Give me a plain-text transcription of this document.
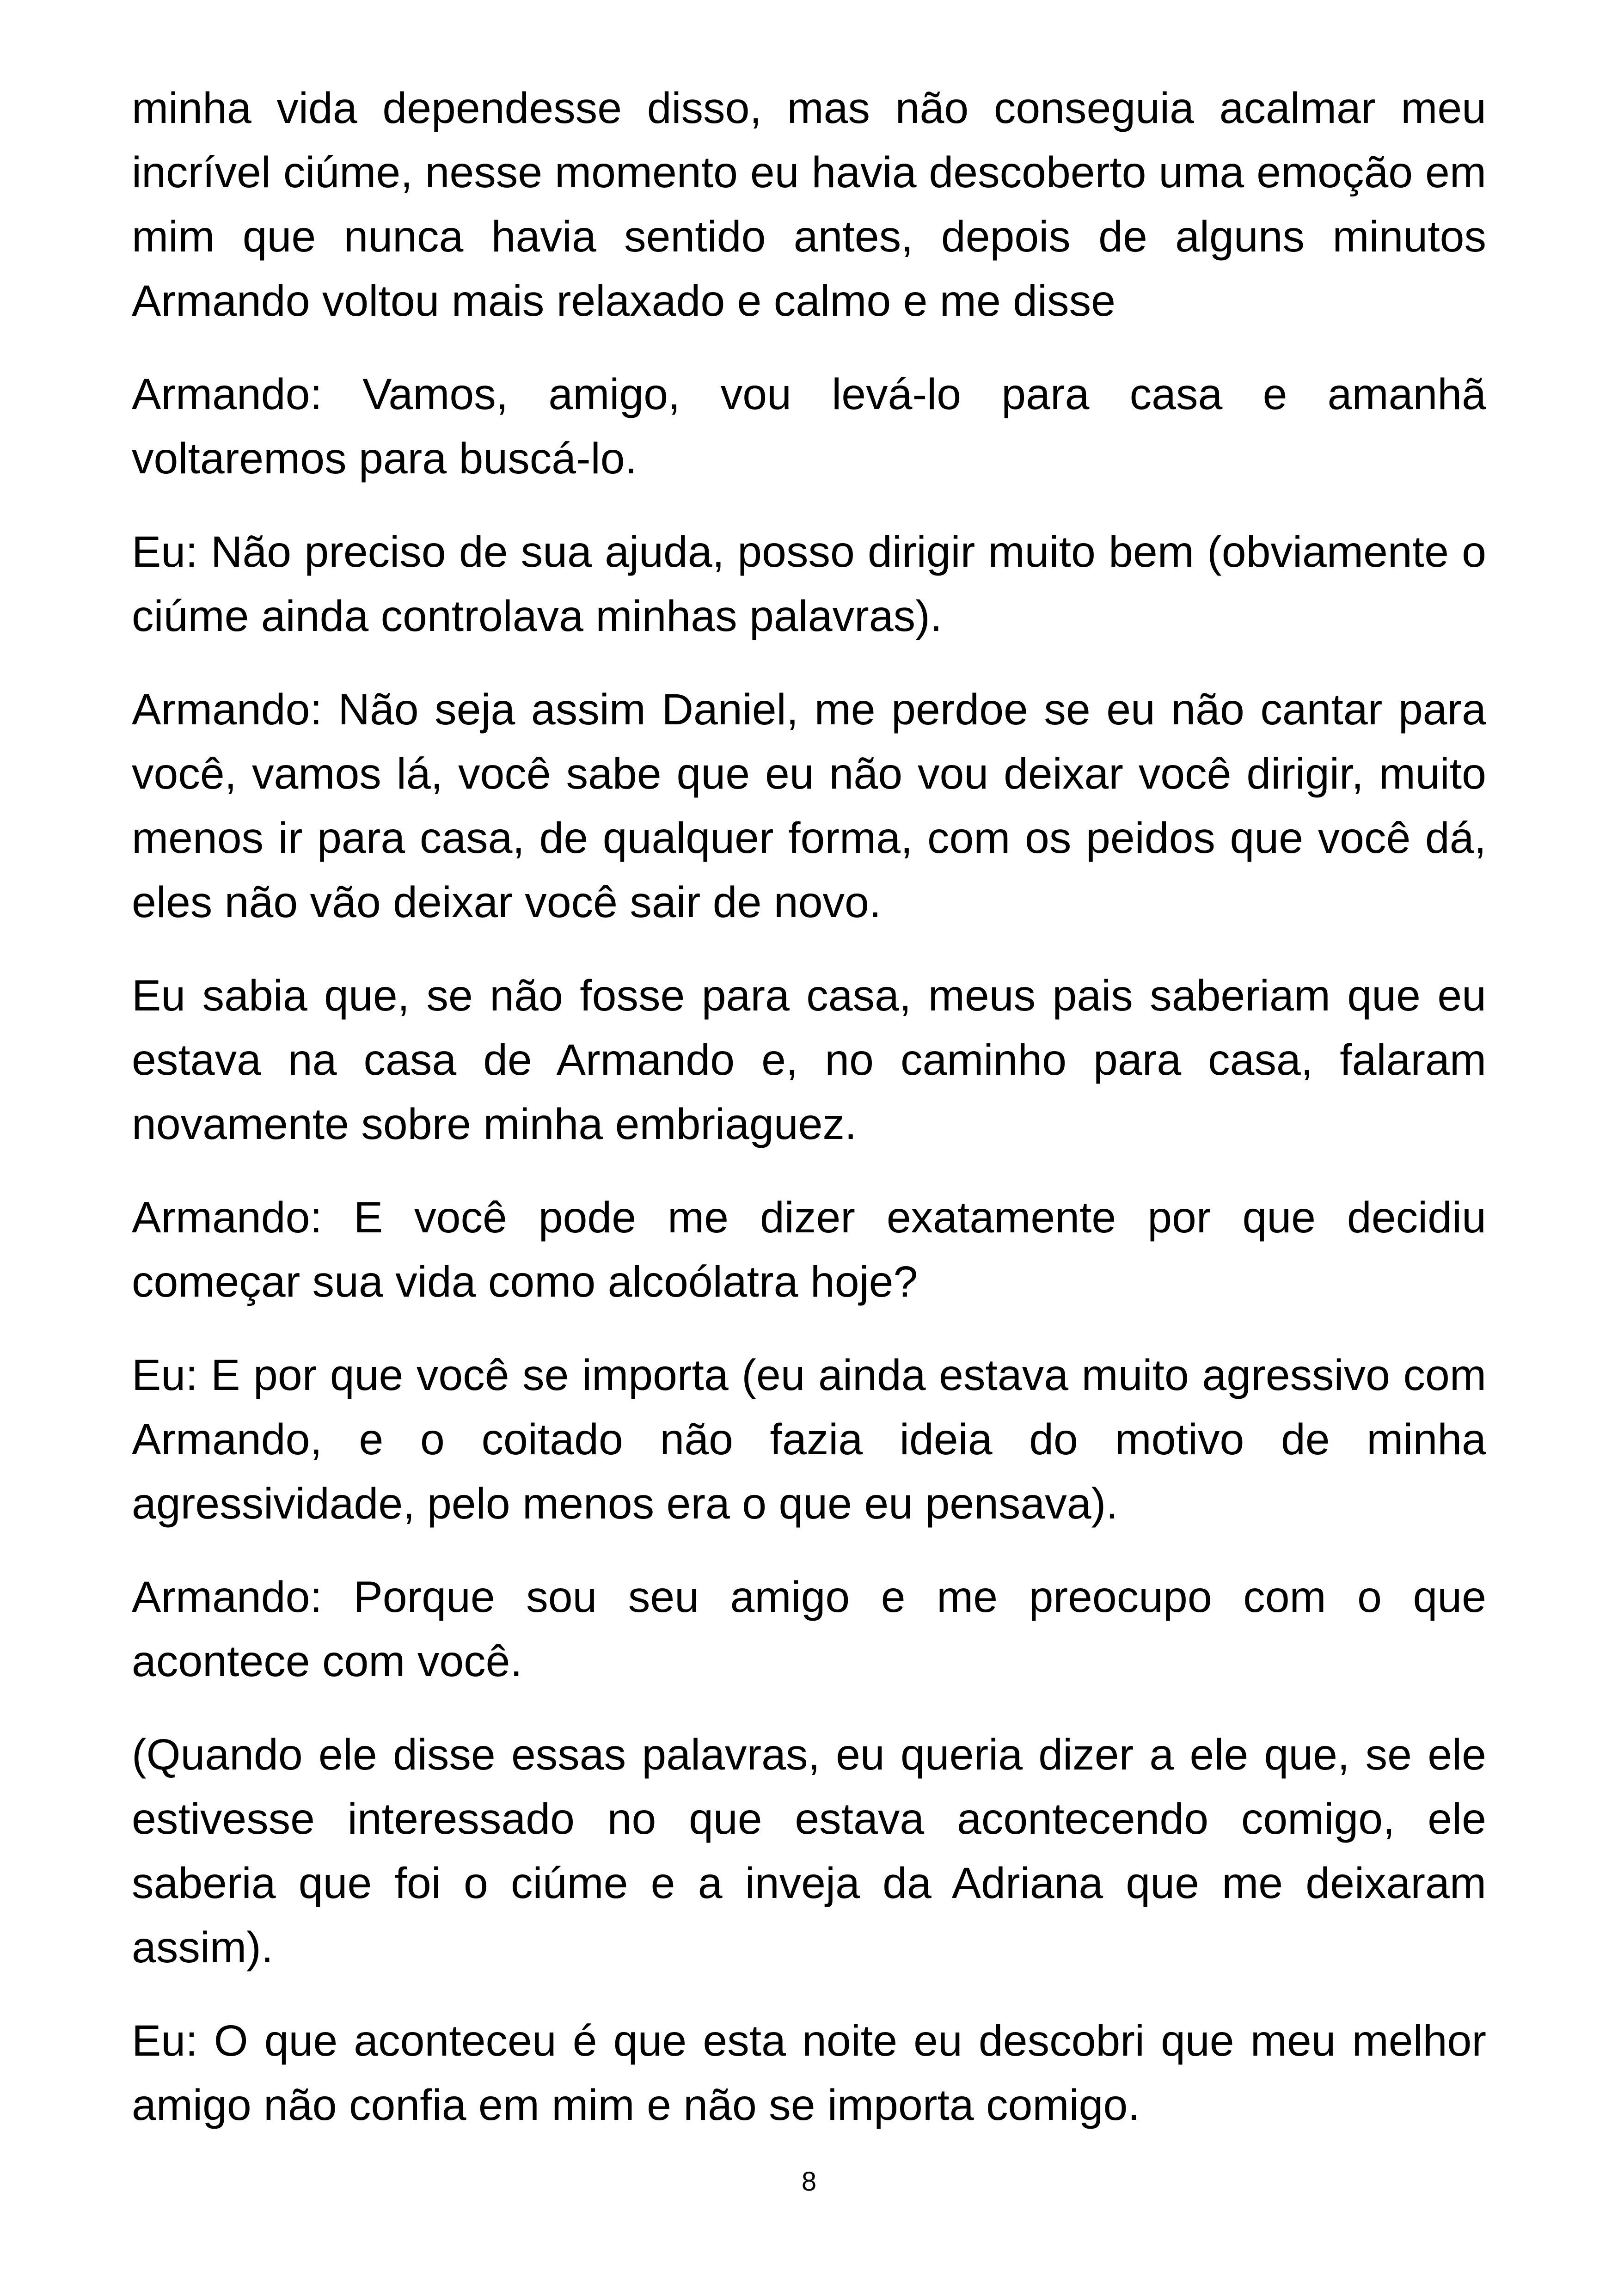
minha vida dependesse disso, mas não conseguia acalmar meu incrível ciúme, nesse momento eu havia descoberto uma emoção em mim que nunca havia sentido antes, depois de alguns minutos Armando voltou mais relaxado e calmo e me disse

Armando: Vamos, amigo, vou levá-lo para casa e amanhã voltaremos para buscá-lo.

Eu: Não preciso de sua ajuda, posso dirigir muito bem (obviamente o ciúme ainda controlava minhas palavras).

Armando: Não seja assim Daniel, me perdoe se eu não cantar para você, vamos lá, você sabe que eu não vou deixar você dirigir, muito menos ir para casa, de qualquer forma, com os peidos que você dá, eles não vão deixar você sair de novo.

Eu sabia que, se não fosse para casa, meus pais saberiam que eu estava na casa de Armando e, no caminho para casa, falaram novamente sobre minha embriaguez.

Armando: E você pode me dizer exatamente por que decidiu começar sua vida como alcoólatra hoje?

Eu: E por que você se importa (eu ainda estava muito agressivo com Armando, e o coitado não fazia ideia do motivo de minha agressividade, pelo menos era o que eu pensava).

Armando: Porque sou seu amigo e me preocupo com o que acontece com você.

(Quando ele disse essas palavras, eu queria dizer a ele que, se ele estivesse interessado no que estava acontecendo comigo, ele saberia que foi o ciúme e a inveja da Adriana que me deixaram assim).

Eu: O que aconteceu é que esta noite eu descobri que meu melhor amigo não confia em mim e não se importa comigo.

8
